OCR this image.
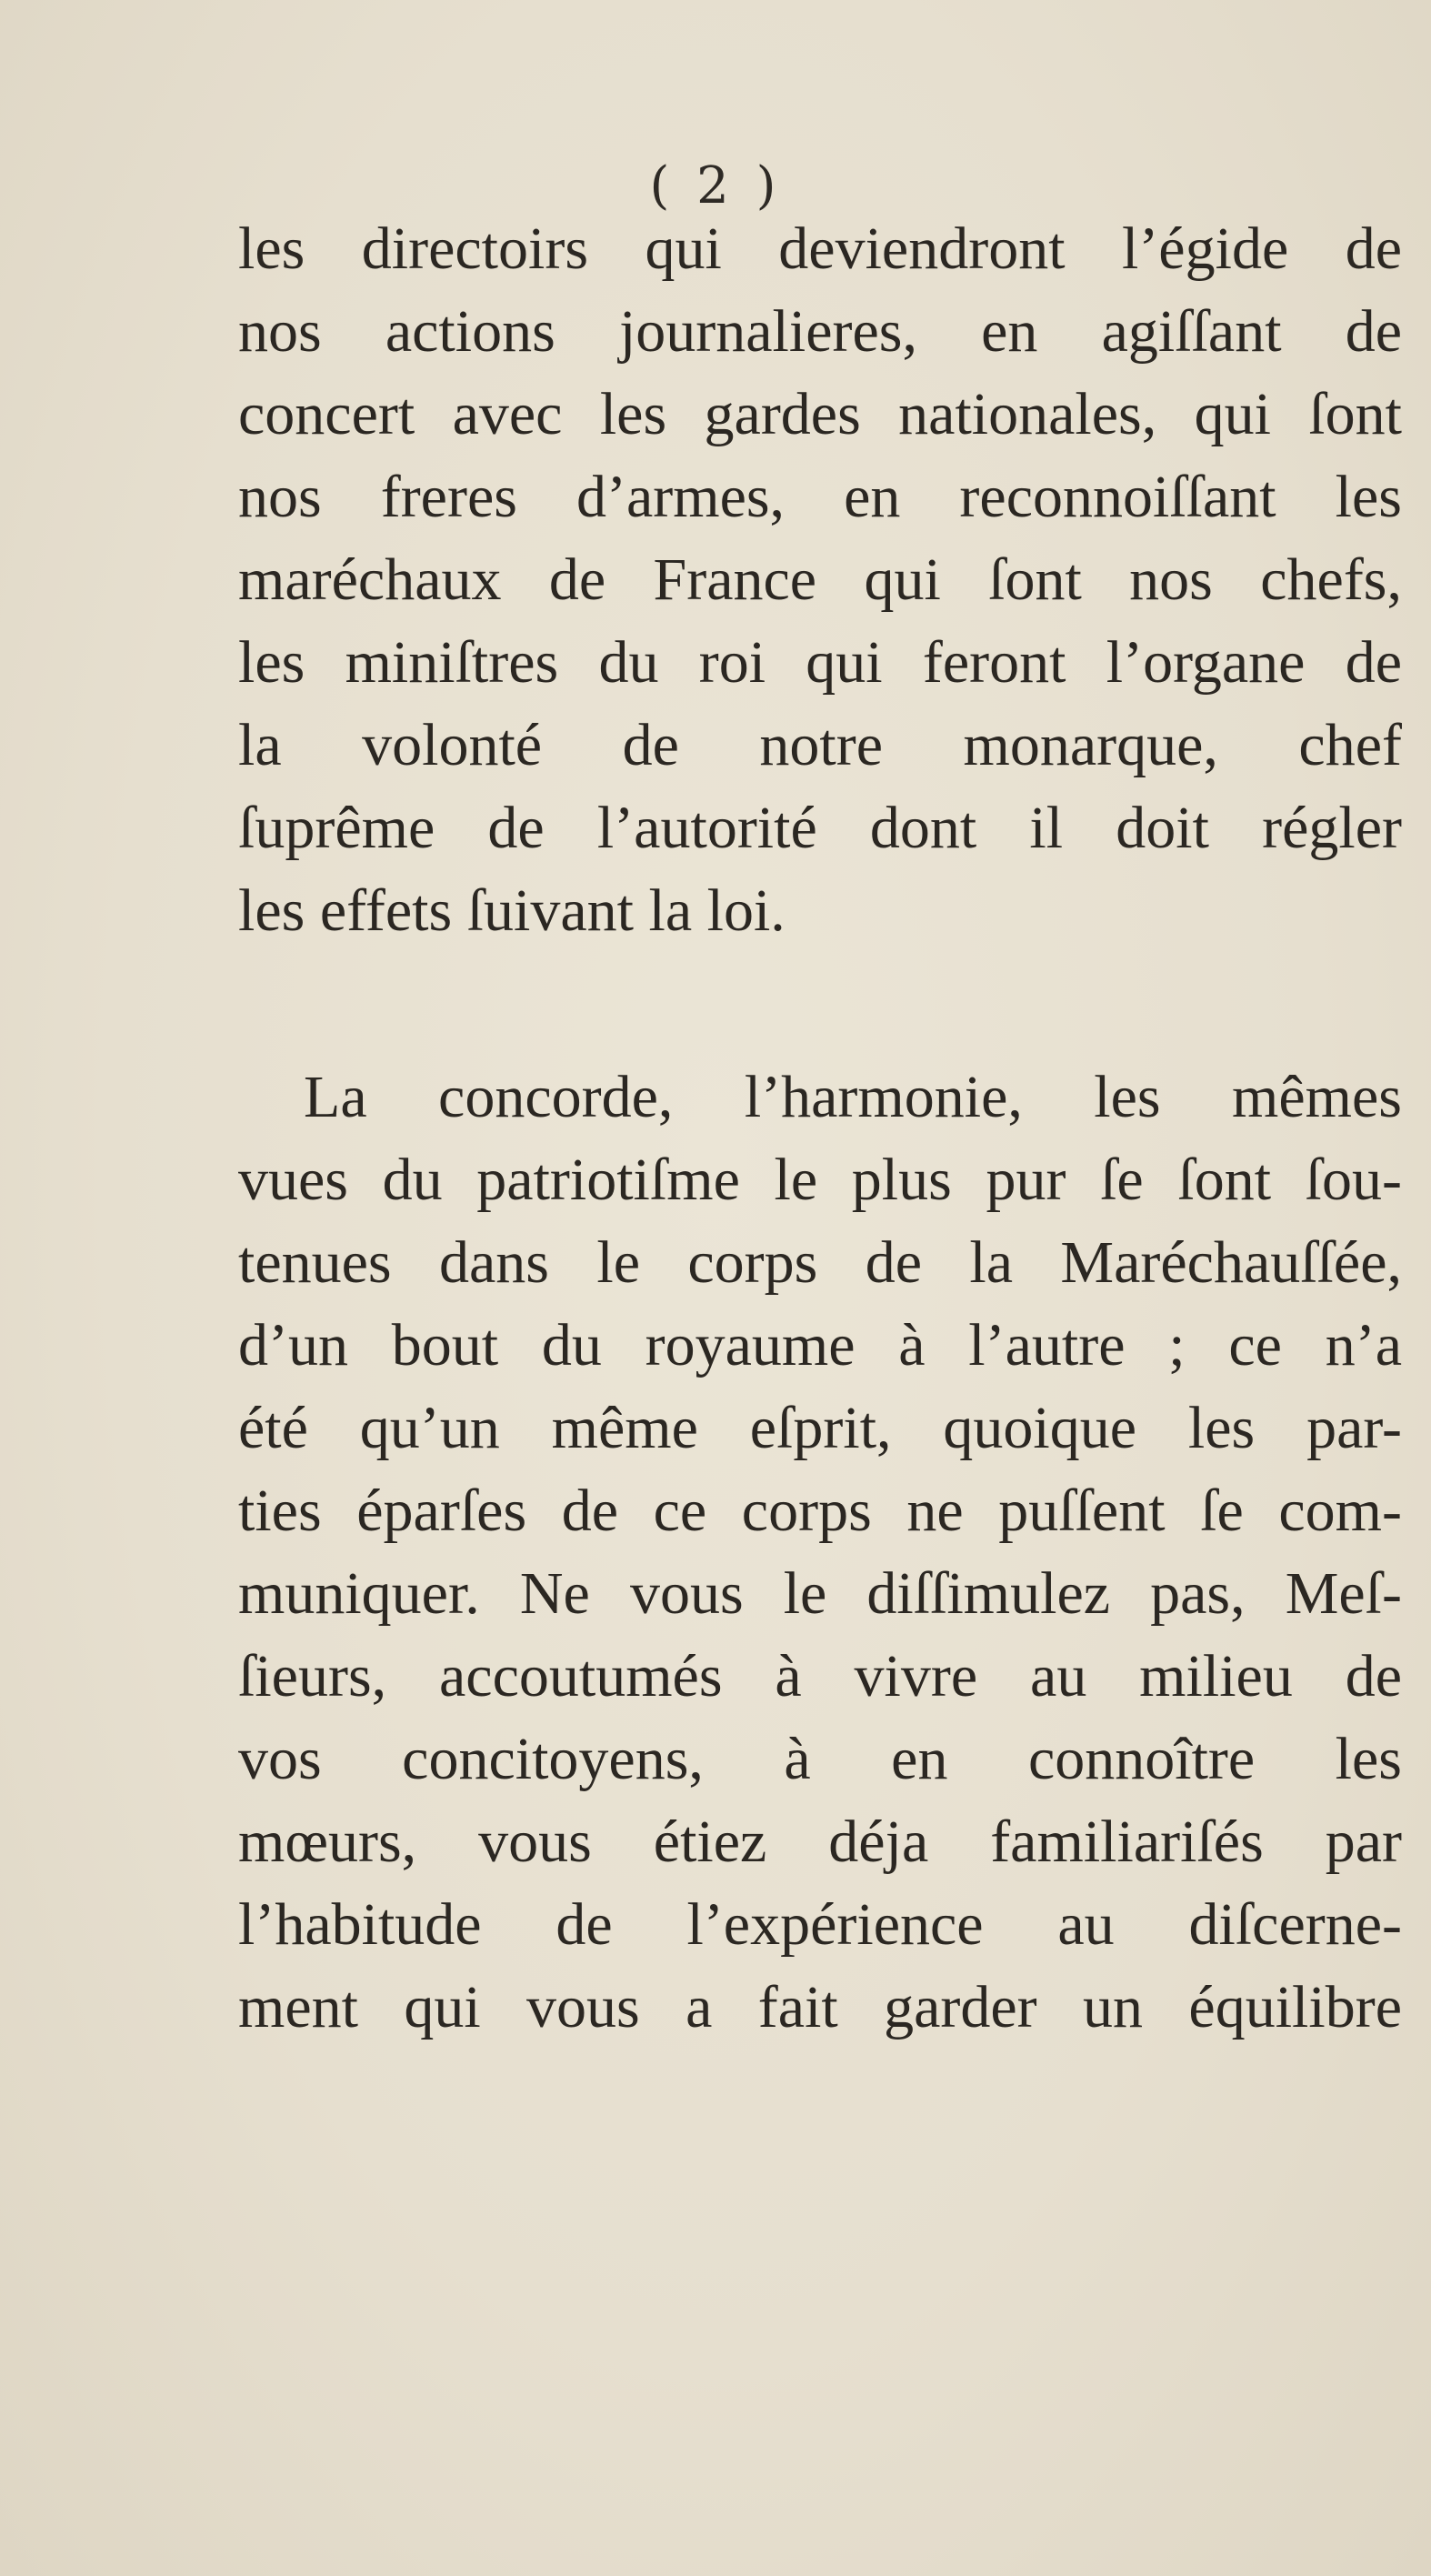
( 2 )
les directoirs qui deviendront l’égide de
nos actions journalieres, en agiſſant de
concert avec les gardes nationales, qui ſont
nos freres d’armes, en reconnoiſſant les
maréchaux de France qui ſont nos chefs,
les miniſtres du roi qui feront l’organe de
la volonté de notre monarque, chef
ſuprême de l’autorité dont il doit régler
les effets ſuivant la loi.
La concorde, l’harmonie, les mêmes
vues du patriotiſme le plus pur ſe ſont ſou-
tenues dans le corps de la Maréchauſſée,
d’un bout du royaume à l’autre ; ce n’a
été qu’un même eſprit, quoique les par-
ties éparſes de ce corps ne puſſent ſe com-
muniquer. Ne vous le diſſimulez pas, Meſ-
ſieurs, accoutumés à vivre au milieu de
vos concitoyens, à en connoître les
mœurs, vous étiez déja familiariſés par
l’habitude de l’expérience au diſcerne-
ment qui vous a fait garder un équilibre
